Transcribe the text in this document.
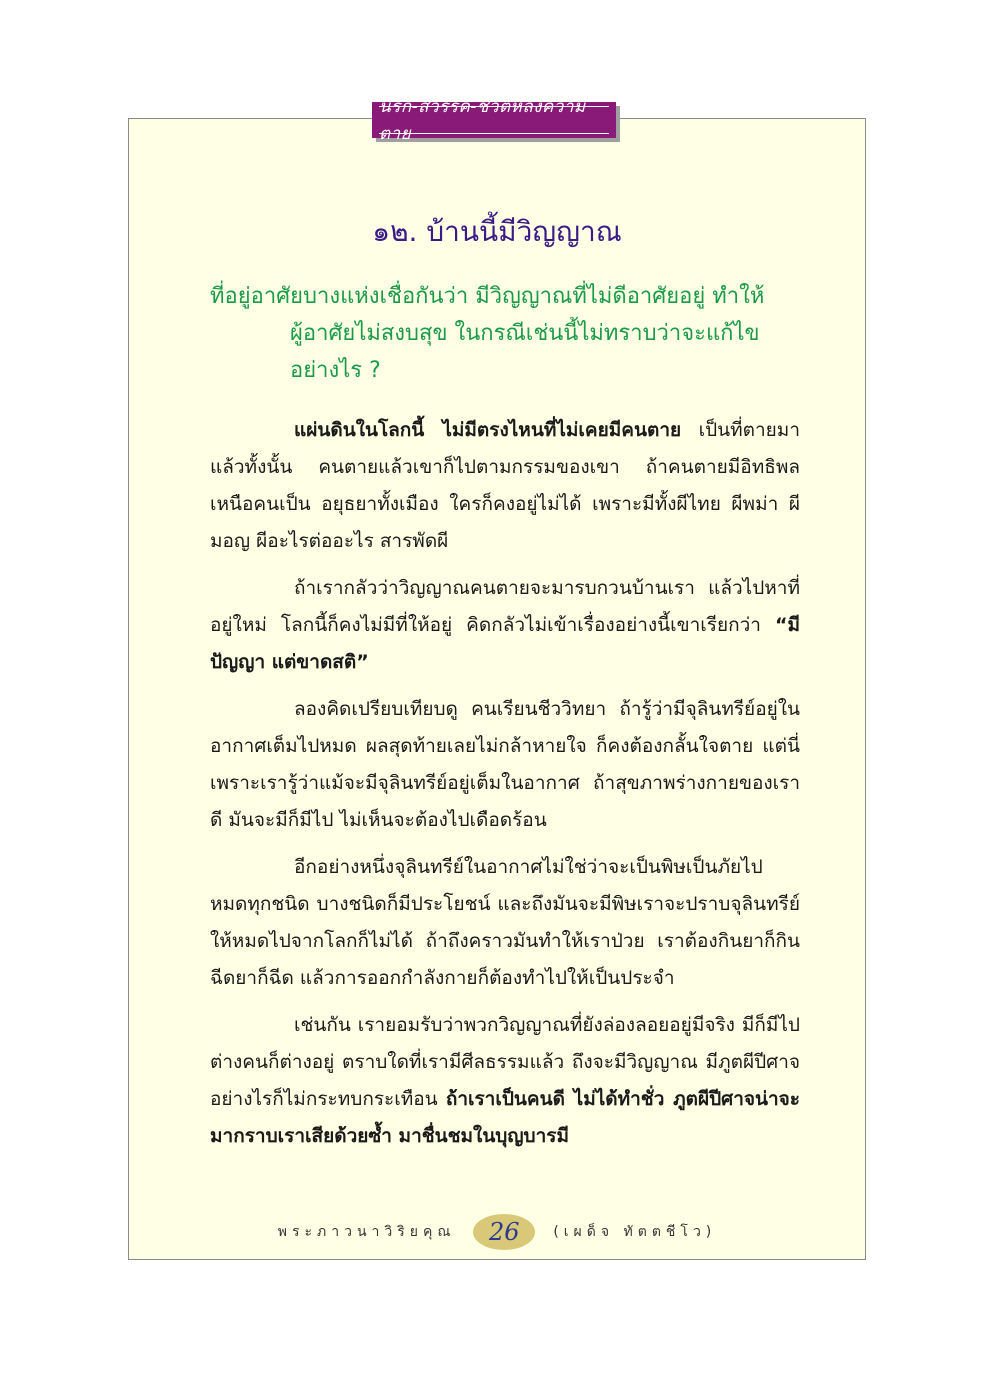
นรก-สวรรค์-ชีวิตหลังความตาย
๑๒. บ้านนี้มีวิญญาณ
ที่อยู่อาศัยบางแห่งเชื่อกันว่า มีวิญญาณที่ไม่ดีอาศัยอยู่ ทำให้
ผู้อาศัยไม่สงบสุข ในกรณีเช่นนี้ไม่ทราบว่าจะแก้ไขอย่างไร ?

แผ่นดินในโลกนี้ ไม่มีตรงไหนที่ไม่เคยมีคนตาย เป็นที่ตายมาแล้วทั้งนั้น คนตายแล้วเขาก็ไปตามกรรมของเขา ถ้าคนตายมีอิทธิพลเหนือคนเป็น อยุธยาทั้งเมือง ใครก็คงอยู่ไม่ได้ เพราะมีทั้งผีไทย ผีพม่า ผีมอญ ผีอะไรต่ออะไร สารพัดผี

ถ้าเรากลัวว่าวิญญาณคนตายจะมารบกวนบ้านเรา แล้วไปหาที่อยู่ใหม่ โลกนี้ก็คงไม่มีที่ให้อยู่ คิดกลัวไม่เข้าเรื่องอย่างนี้เขาเรียกว่า “มีปัญญา แต่ขาดสติ”

ลองคิดเปรียบเทียบดู คนเรียนชีววิทยา ถ้ารู้ว่ามีจุลินทรีย์อยู่ในอากาศเต็มไปหมด ผลสุดท้ายเลยไม่กล้าหายใจ ก็คงต้องกลั้นใจตาย แต่นี่เพราะเรารู้ว่าแม้จะมีจุลินทรีย์อยู่เต็มในอากาศ ถ้าสุขภาพร่างกายของเราดี มันจะมีก็มีไป ไม่เห็นจะต้องไปเดือดร้อน

อีกอย่างหนึ่งจุลินทรีย์ในอากาศไม่ใช่ว่าจะเป็นพิษเป็นภัยไปหมดทุกชนิด บางชนิดก็มีประโยชน์ และถึงมันจะมีพิษเราจะปราบจุลินทรีย์ให้หมดไปจากโลกก็ไม่ได้ ถ้าถึงคราวมันทำให้เราป่วย เราต้องกินยาก็กิน ฉีดยาก็ฉีด แล้วการออกกำลังกายก็ต้องทำไปให้เป็นประจำ

เช่นกัน เรายอมรับว่าพวกวิญญาณที่ยังล่องลอยอยู่มีจริง มีก็มีไป ต่างคนก็ต่างอยู่ ตราบใดที่เรามีศีลธรรมแล้ว ถึงจะมีวิญญาณ มีภูตผีปีศาจอย่างไรก็ไม่กระทบกระเทือน ถ้าเราเป็นคนดี ไม่ได้ทำชั่ว ภูตผีปีศาจน่าจะมากราบเราเสียด้วยซ้ำ มาชื่นชมในบุญบารมี

พระภาวนาวิริยคุณ	26	(เผด็จ ทัตตชีโว)
